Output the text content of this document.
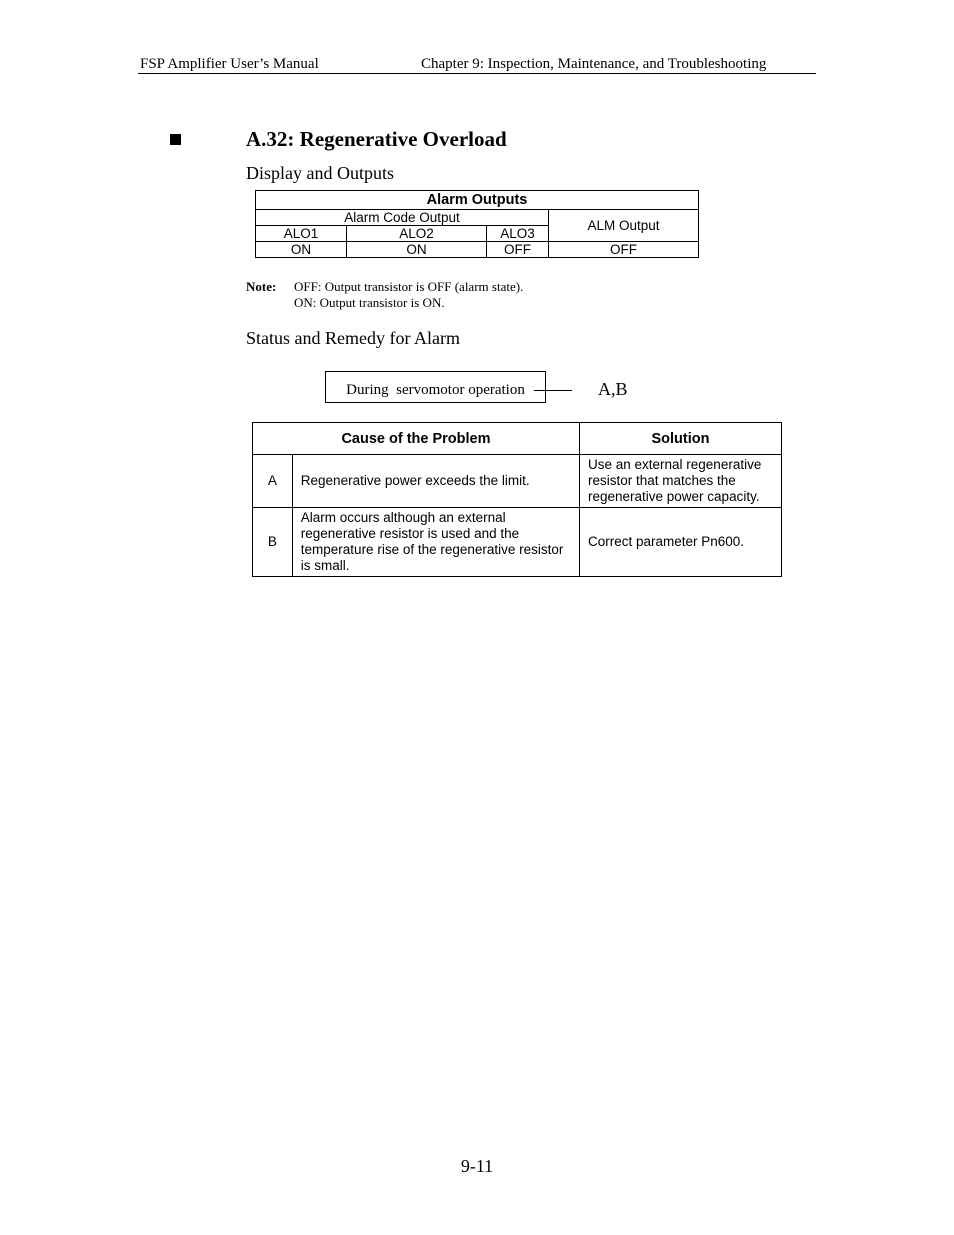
FSP Amplifier User’s Manual	Chapter 9: Inspection, Maintenance, and Troubleshooting
A.32: Regenerative Overload
Display and Outputs
Alarm Outputs			
Alarm Code Output			ALM Output
ALO1	ALO2	ALO3	
ON	ON	OFF	OFF
Note: OFF: Output transistor is OFF (alarm state).
ON: Output transistor is ON.
Status and Remedy for Alarm
During  servomotor operation	A,B
Cause of the Problem		Solution
A	Regenerative power exceeds the limit.	Use an external regenerative resistor that matches the regenerative power capacity.
B	Alarm occurs although an external regenerative resistor is used and the temperature rise of the regenerative resistor is small.	Correct parameter Pn600.
9-11
